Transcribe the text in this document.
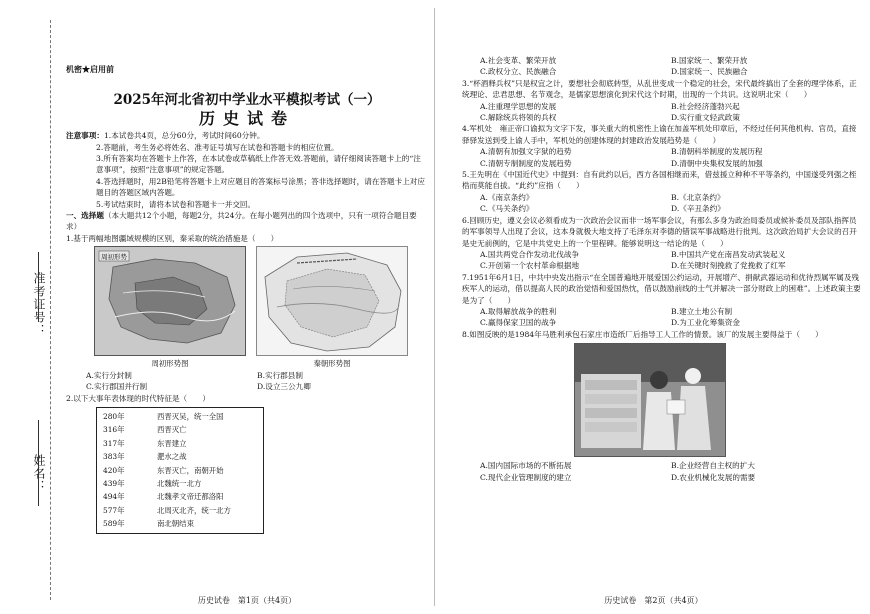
准考证号：
姓名：

机密★启用前

2025年河北省初中学业水平模拟考试（一）
历史试卷

注意事项：1.本试卷共4页，总分60分，考试时间60分钟。

2.答题前，考生务必将姓名、准考证号填写在试卷和答题卡的相应位置。

3.所有答案均在答题卡上作答，在本试卷或草稿纸上作答无效.答题前，请仔细阅读答题卡上的“注意事项”，按照“注意事项”的规定答题。

4.答选择题时，用2B铅笔将答题卡上对应题目的答案标号涂黑；答非选择题时，请在答题卡上对应题目的答题区域内答题。

5.考试结束时，请将本试卷和答题卡一并交回。

一、选择题（本大题共12个小题，每题2分，共24分。在每小题列出的四个选项中，只有一项符合题目要求）

1.基于两幅地图疆域规模的区别，秦采取的统治措施是（　　）

周初形势
周初形势图	秦朝形势图
A.实行分封制	B.实行郡县制
C.实行郡国并行制	D.设立三公九卿

2.以下大事年表体现的时代特征是（　　）

280年	西晋灭吴，统一全国
316年	西晋灭亡
317年	东晋建立
383年	淝水之战
420年	东晋灭亡，南朝开始
439年	北魏统一北方
494年	北魏孝文帝迁都洛阳
577年	北周灭北齐，统一北方
589年	南北朝结束
历史试卷　第1页（共4页）
A.社会变革、繁荣开放	B.国家统一、繁荣开放
C.政权分立、民族融合	D.国家统一、民族融合

3.“杯酒释兵权”只是权宜之计，要想社会彻底转型，从乱世变成一个稳定的社会，宋代最终搞出了全套的理学体系，正统理论、忠君思想、名节观念，是儒家思想演化到宋代这个时期，出现的一个共识。这说明北宋（　　）

A.注重理学思想的发展	B.社会经济蓬勃兴起
C.解除统兵将领的兵权	D.实行重文轻武政策

4.军机处　雍正帝口谕拟为文字下发，事关重大的机密性上谕在加盖军机处印章后，不经过任何其他机构、官员，直接驿驿发送到受上谕人手中，军机处的创建体现的封建政治发展趋势是（　　）

A.清朝有加强文字狱的趋势	B.清朝科举制度的发展历程
C.清朝专制制度的发展趋势	D.清朝中央集权发展的加强

5.王先明在《中国近代史》中提到：自有此约以后，西方各国相继而来，借兹援立种种不平等条约，中国遂受列强之桎梏而莫能自拔。“此约”应指（　　）

A.《南京条约》	B.《北京条约》
C.《马关条约》	D.《辛丑条约》

6.回顾历史，遵义会议必须看成为一次政治会议而非一场军事会议，有那么多身为政治局委员或候补委员及部队指挥员的军事领导人出现了会议，这本身就极大地支持了毛泽东对李德的错误军事战略进行批判。这次政治局扩大会议的召开是史无前例的，它是中共党史上的一个里程碑。能够说明这一结论的是（　　）

A.国共两党合作发动北伐战争	B.中国共产党在南昌发动武装起义
C.开创第一个农村革命根据地	D.在关键时刻挽救了党挽救了红军

7.1951年6月1日，中共中央发出指示“在全国普遍地开展爱国公约运动，开展增产、捐献武器运动和优待烈属军属及残疾军人的运动，借以提高人民的政治觉悟和爱国热忱，借以鼓励前线的士气并解决一部分财政上的困难”。上述政策主要是为了（　　）

A.取得解放战争的胜利	B.建立土地公有制
C.赢得保家卫国的战争	D.为工业化筹集资金

8.如图反映的是1984年马胜利承包石家庄市造纸厂后指导工人工作的情景。该厂的发展主要得益于（　　）

A.国内国际市场的不断拓展	B.企业经营自主权的扩大
C.现代企业管理制度的建立	D.农业机械化发展的需要
历史试卷　第2页（共4页）
